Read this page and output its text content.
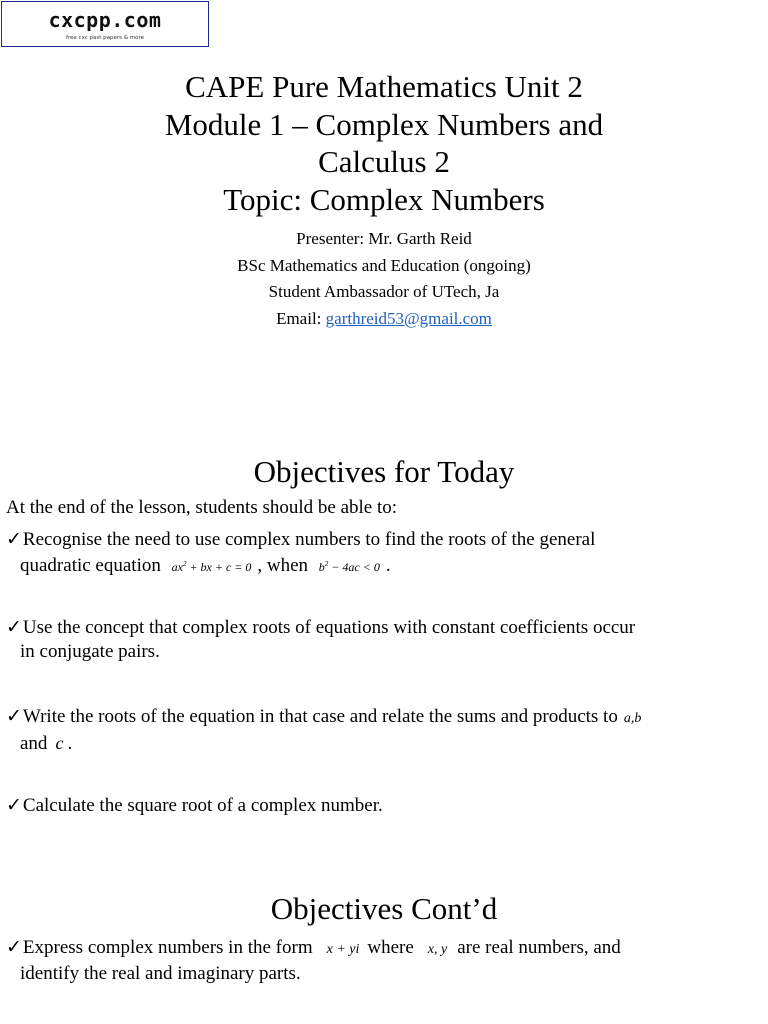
cxcpp.com
free cxc past papers & more
CAPE Pure Mathematics Unit 2
Module 1 – Complex Numbers and
Calculus 2
Topic: Complex Numbers
Presenter: Mr. Garth Reid
BSc Mathematics and Education (ongoing)
Student Ambassador of UTech, Ja
Email: garthreid53@gmail.com
Objectives for Today
At the end of the lesson, students should be able to:
✓Recognise the need to use complex numbers to find the roots of the general
quadratic equation $ax^2$ + bx + c = 0 , when $b^2 - 4ac < 0$ .
✓Use the concept that complex roots of equations with constant coefficients occur
in conjugate pairs.
✓Write the roots of the equation in that case and relate the sums and products to a,b
and c .
✓Calculate the square root of a complex number.
Objectives Cont’d
✓Express complex numbers in the form x + yi where x, y are real numbers, and
identify the real and imaginary parts.
